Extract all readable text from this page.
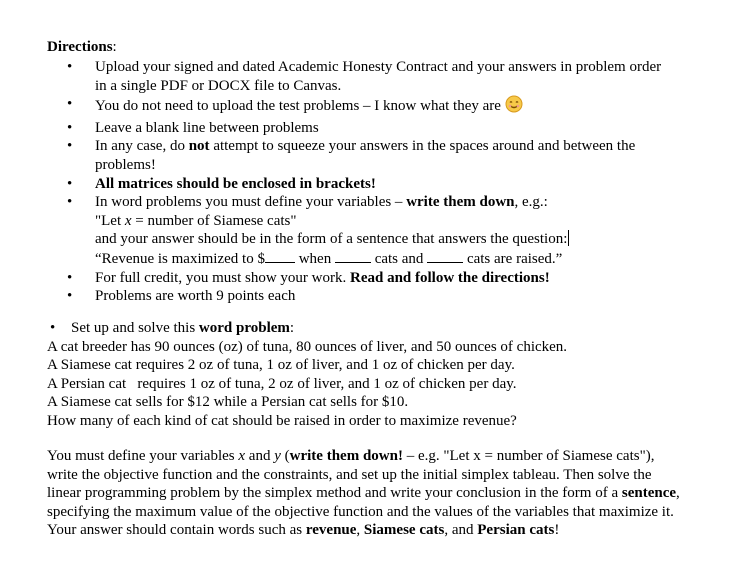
Directions:
• Upload your signed and dated Academic Honesty Contract and your answers in problem order in a single PDF or DOCX file to Canvas.
• You do not need to upload the test problems – I know what they are
• Leave a blank line between problems
• In any case, do not attempt to squeeze your answers in the spaces around and between the problems!
• All matrices should be enclosed in brackets!
• In word problems you must define your variables – write them down, e.g.:
"Let x = number of Siamese cats"
and your answer should be in the form of a sentence that answers the question:
“Revenue is maximized to $ when  cats and  cats are raised.”
• For full credit, you must show your work. Read and follow the directions!
• Problems are worth 9 points each
• Set up and solve this word problem:
A cat breeder has 90 ounces (oz) of tuna, 80 ounces of liver, and 50 ounces of chicken.
A Siamese cat requires 2 oz of tuna, 1 oz of liver, and 1 oz of chicken per day.
A Persian cat   requires 1 oz of tuna, 2 oz of liver, and 1 oz of chicken per day.
A Siamese cat sells for $12 while a Persian cat sells for $10.
How many of each kind of cat should be raised in order to maximize revenue?
You must define your variables x and y (write them down! – e.g. "Let x = number of Siamese cats"), write the objective function and the constraints, and set up the initial simplex tableau. Then solve the linear programming problem by the simplex method and write your conclusion in the form of a sentence, specifying the maximum value of the objective function and the values of the variables that maximize it. Your answer should contain words such as revenue, Siamese cats, and Persian cats!
